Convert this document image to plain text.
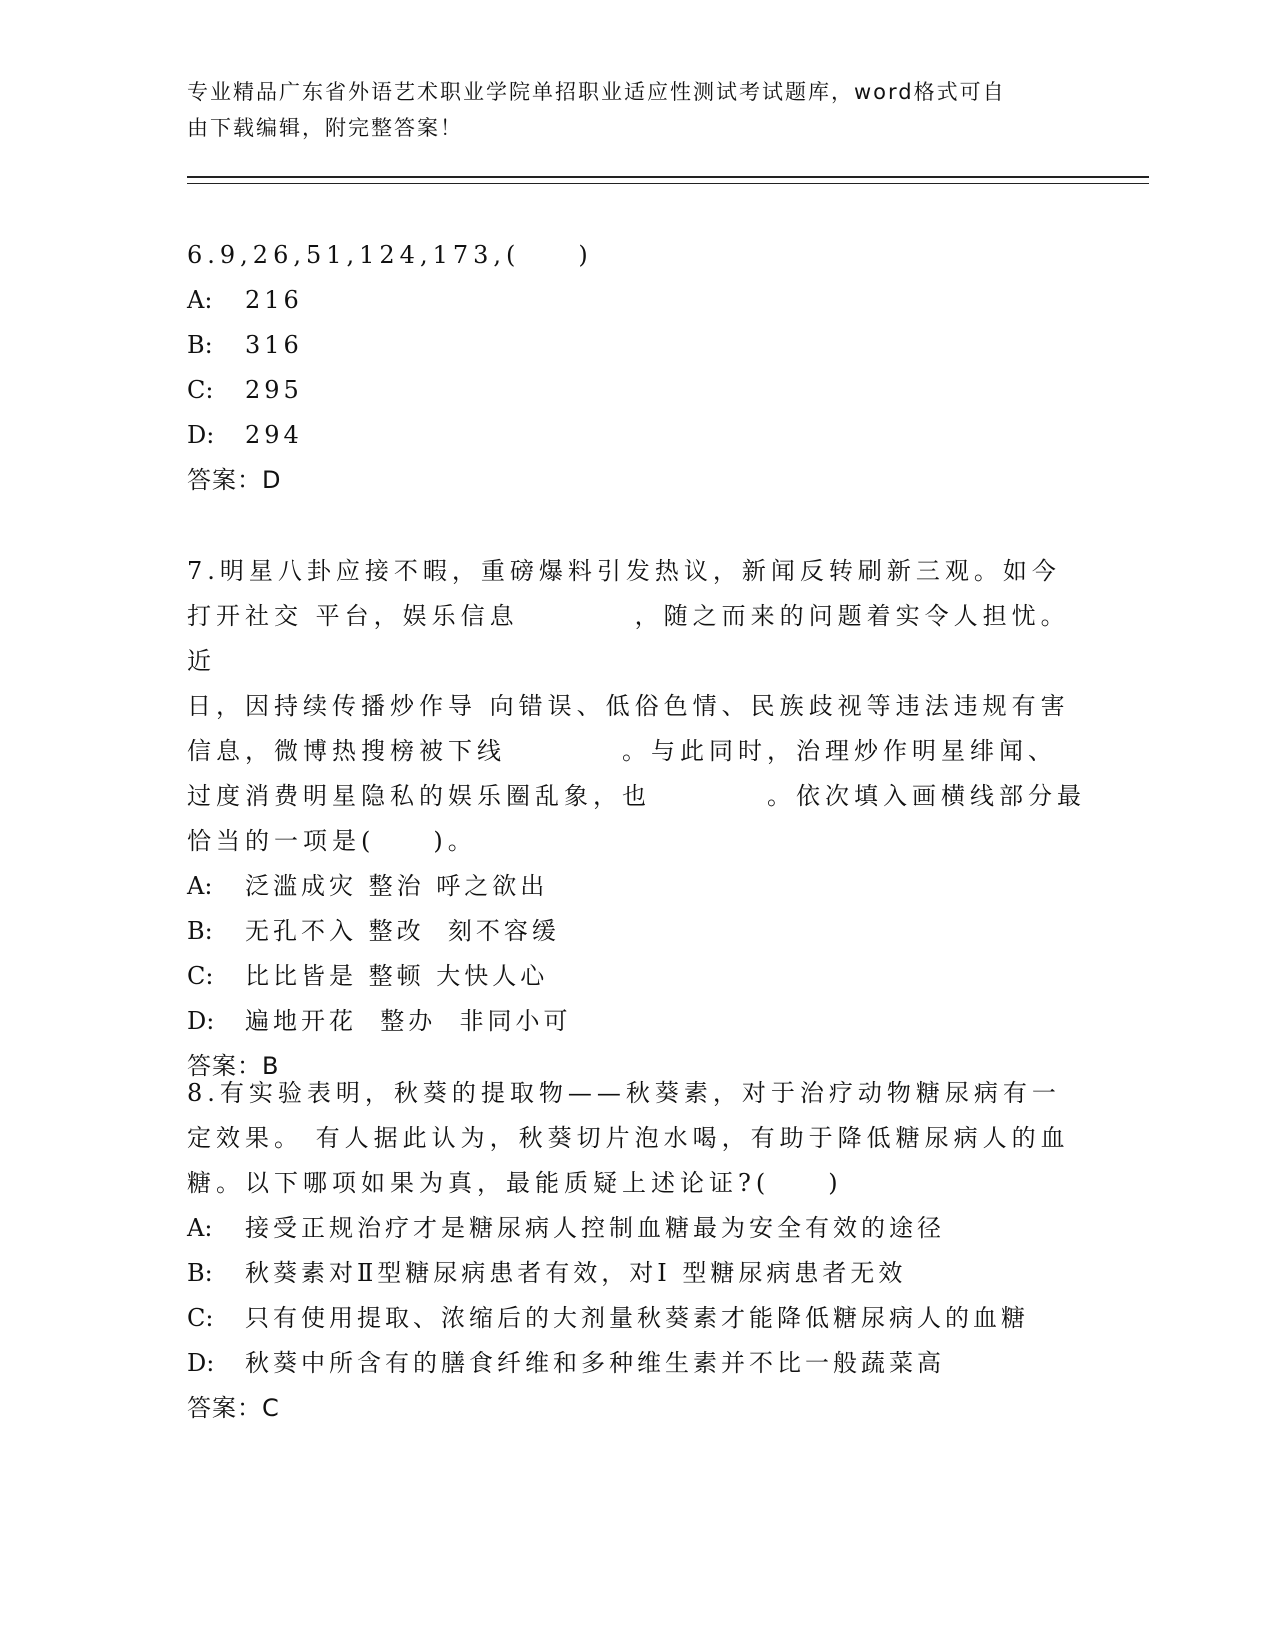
专业精品广东省外语艺术职业学院单招职业适应性测试考试题库，word格式可自
由下载编辑，附完整答案！
6.9,26,51,124,173,(　　)
A: 216
B: 316
C: 295
D: 294
答案：D
7.明星八卦应接不暇，重磅爆料引发热议，新闻反转刷新三观。如今
打开社交 平台，娱乐信息　　　　，随之而来的问题着实令人担忧。近
日，因持续传播炒作导 向错误、低俗色情、民族歧视等违法违规有害
信息，微博热搜榜被下线　　　　。与此同时，治理炒作明星绯闻、
过度消费明星隐私的娱乐圈乱象，也　　　　。依次填入画横线部分最
恰当的一项是(　　)。
A: 泛滥成灾 整治 呼之欲出
B: 无孔不入 整改  刻不容缓
C: 比比皆是 整顿 大快人心
D: 遍地开花  整办  非同小可
答案：B
8.有实验表明，秋葵的提取物——秋葵素，对于治疗动物糖尿病有一
定效果。 有人据此认为，秋葵切片泡水喝，有助于降低糖尿病人的血
糖。以下哪项如果为真，最能质疑上述论证?(　　)
A: 接受正规治疗才是糖尿病人控制血糖最为安全有效的途径
B: 秋葵素对Ⅱ型糖尿病患者有效，对Ⅰ 型糖尿病患者无效
C: 只有使用提取、浓缩后的大剂量秋葵素才能降低糖尿病人的血糖
D: 秋葵中所含有的膳食纤维和多种维生素并不比一般蔬菜高
答案：C
